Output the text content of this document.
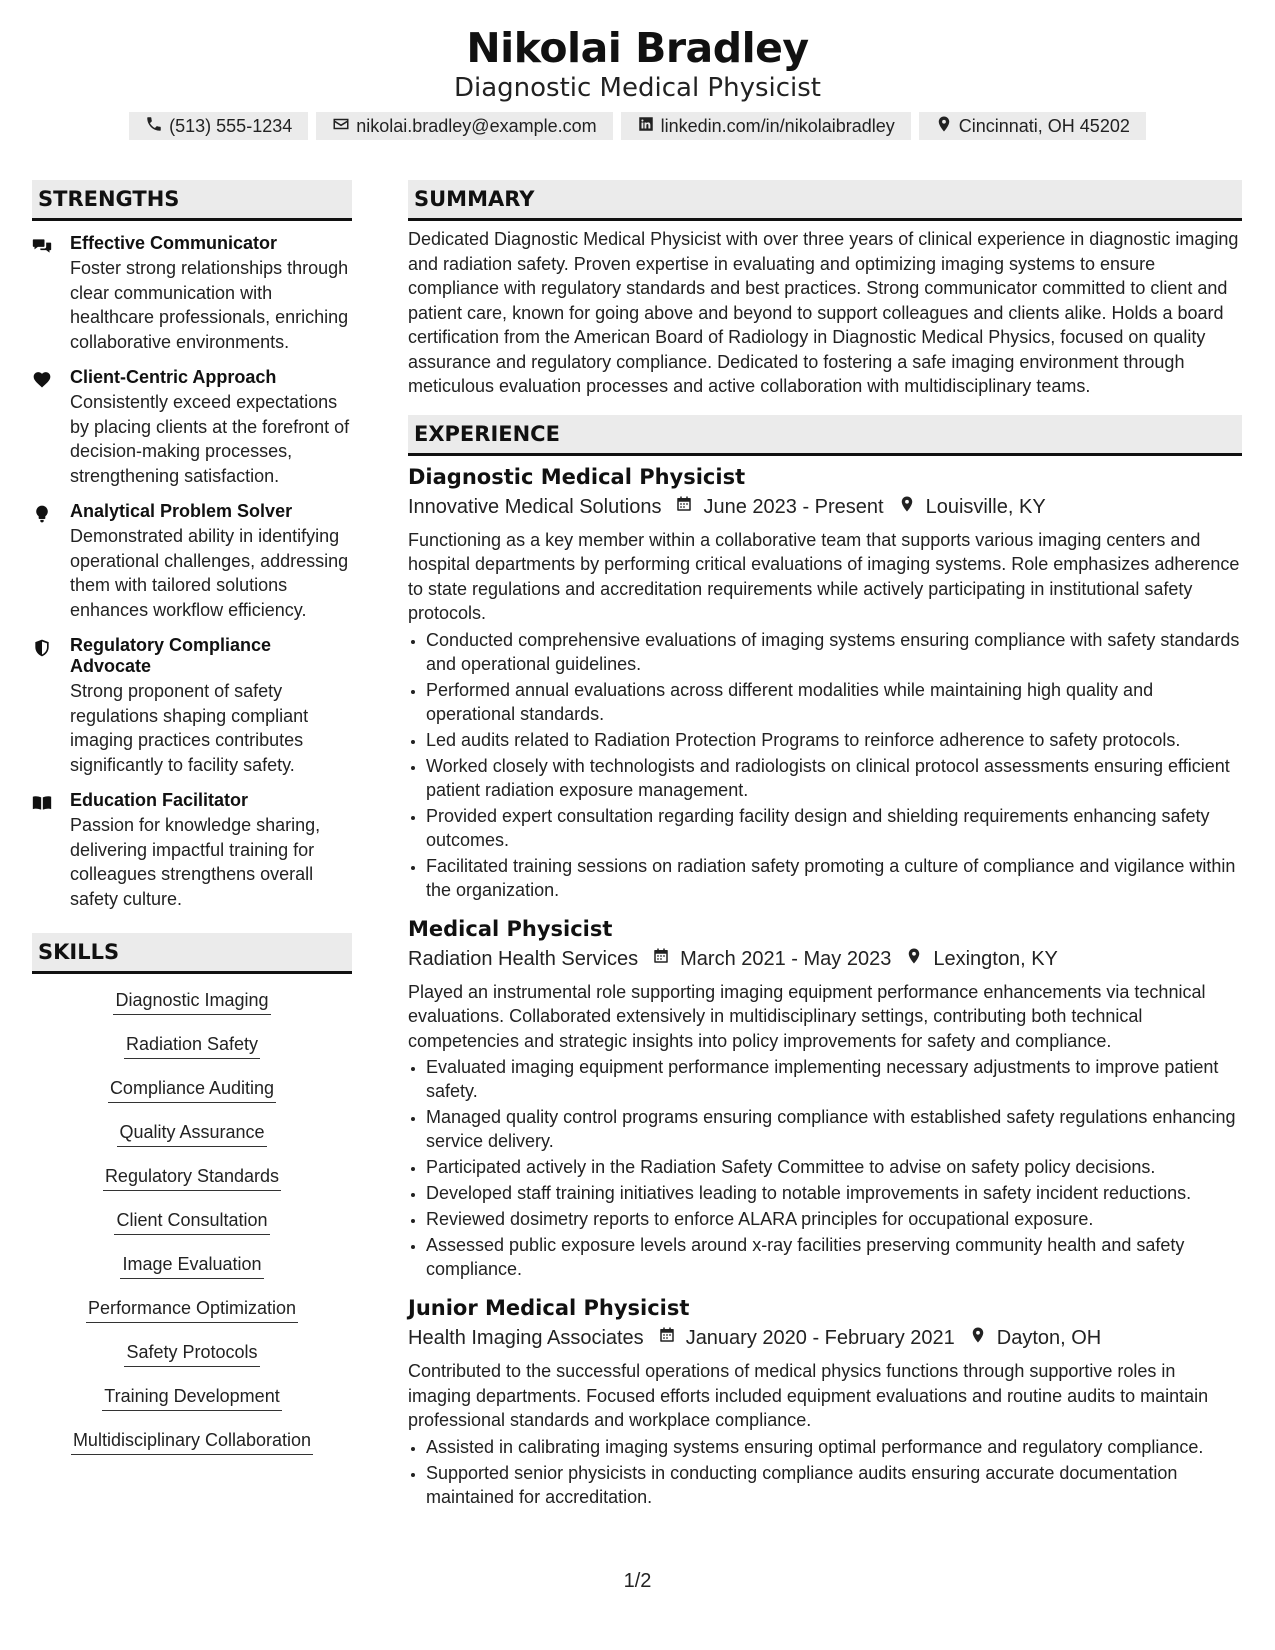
Nikolai Bradley
Diagnostic Medical Physicist
(513) 555-1234	nikolai.bradley@example.com	linkedin.com/in/nikolaibradley	Cincinnati, OH 45202
STRENGTHS
Effective Communicator
Foster strong relationships through clear communication with healthcare professionals, enriching collaborative environments.
Client-Centric Approach
Consistently exceed expectations by placing clients at the forefront of decision-making processes, strengthening satisfaction.
Analytical Problem Solver
Demonstrated ability in identifying operational challenges, addressing them with tailored solutions enhances workflow efficiency.
Regulatory Compliance Advocate
Strong proponent of safety regulations shaping compliant imaging practices contributes significantly to facility safety.
Education Facilitator
Passion for knowledge sharing, delivering impactful training for colleagues strengthens overall safety culture.
SKILLS
Diagnostic Imaging
Radiation Safety
Compliance Auditing
Quality Assurance
Regulatory Standards
Client Consultation
Image Evaluation
Performance Optimization
Safety Protocols
Training Development
Multidisciplinary Collaboration
SUMMARY
Dedicated Diagnostic Medical Physicist with over three years of clinical experience in diagnostic imaging and radiation safety. Proven expertise in evaluating and optimizing imaging systems to ensure compliance with regulatory standards and best practices. Strong communicator committed to client and patient care, known for going above and beyond to support colleagues and clients alike. Holds a board certification from the American Board of Radiology in Diagnostic Medical Physics, focused on quality assurance and regulatory compliance. Dedicated to fostering a safe imaging environment through meticulous evaluation processes and active collaboration with multidisciplinary teams.
EXPERIENCE
Diagnostic Medical Physicist
Innovative Medical Solutions June 2023 - Present Louisville, KY
Functioning as a key member within a collaborative team that supports various imaging centers and hospital departments by performing critical evaluations of imaging systems. Role emphasizes adherence to state regulations and accreditation requirements while actively participating in institutional safety protocols.
• Conducted comprehensive evaluations of imaging systems ensuring compliance with safety standards and operational guidelines.
• Performed annual evaluations across different modalities while maintaining high quality and operational standards.
• Led audits related to Radiation Protection Programs to reinforce adherence to safety protocols.
• Worked closely with technologists and radiologists on clinical protocol assessments ensuring efficient patient radiation exposure management.
• Provided expert consultation regarding facility design and shielding requirements enhancing safety outcomes.
• Facilitated training sessions on radiation safety promoting a culture of compliance and vigilance within the organization.
Medical Physicist
Radiation Health Services March 2021 - May 2023 Lexington, KY
Played an instrumental role supporting imaging equipment performance enhancements via technical evaluations. Collaborated extensively in multidisciplinary settings, contributing both technical competencies and strategic insights into policy improvements for safety and compliance.
• Evaluated imaging equipment performance implementing necessary adjustments to improve patient safety.
• Managed quality control programs ensuring compliance with established safety regulations enhancing service delivery.
• Participated actively in the Radiation Safety Committee to advise on safety policy decisions.
• Developed staff training initiatives leading to notable improvements in safety incident reductions.
• Reviewed dosimetry reports to enforce ALARA principles for occupational exposure.
• Assessed public exposure levels around x-ray facilities preserving community health and safety compliance.
Junior Medical Physicist
Health Imaging Associates January 2020 - February 2021 Dayton, OH
Contributed to the successful operations of medical physics functions through supportive roles in imaging departments. Focused efforts included equipment evaluations and routine audits to maintain professional standards and workplace compliance.
• Assisted in calibrating imaging systems ensuring optimal performance and regulatory compliance.
• Supported senior physicists in conducting compliance audits ensuring accurate documentation maintained for accreditation.
1/2
